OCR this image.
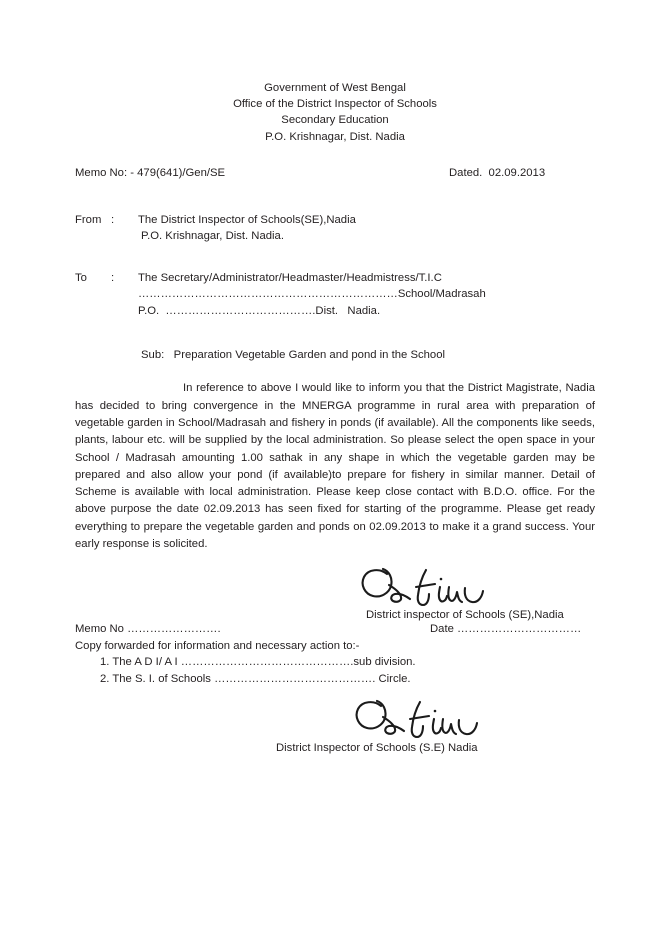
Government of West Bengal
Office of the District Inspector of Schools
Secondary Education
P.O. Krishnagar, Dist. Nadia
Memo No: - 479(641)/Gen/SE	Dated.  02.09.2013
From :	The District Inspector of Schools(SE),Nadia
P.O. Krishnagar, Dist. Nadia.
To	:	The Secretary/Administrator/Headmaster/Headmistress/T.I.C
……………………………………………………………School/Madrasah
P.O.  ………………………………….Dist.   Nadia.
Sub:   Preparation Vegetable Garden and pond in the School
In reference to above I would like to inform you that the District Magistrate, Nadia has decided to bring convergence in the MNERGA programme in rural area with preparation of vegetable garden in School/Madrasah and fishery in ponds (if available). All the components like seeds, plants, labour etc. will be supplied by the local administration. So please select the open space in your School / Madrasah amounting 1.00 sathak in any shape in which the vegetable garden may be prepared and also allow your pond (if available)to prepare for fishery in similar manner. Detail of Scheme is available with local administration. Please keep close contact with B.D.O. office. For the above purpose the date 02.09.2013 has seen fixed for starting of the programme. Please get ready everything to prepare the vegetable garden and ponds on 02.09.2013 to make it a grand success. Your early response is solicited.
District inspector of Schools (SE),Nadia
Memo No …………………….	Date ……………………………
Copy forwarded for information and necessary action to:-
1. The A D I/ A I ……………………………………….sub division.
2. The S. I. of Schools ……………………………………. Circle.
District Inspector of Schools (S.E) Nadia
